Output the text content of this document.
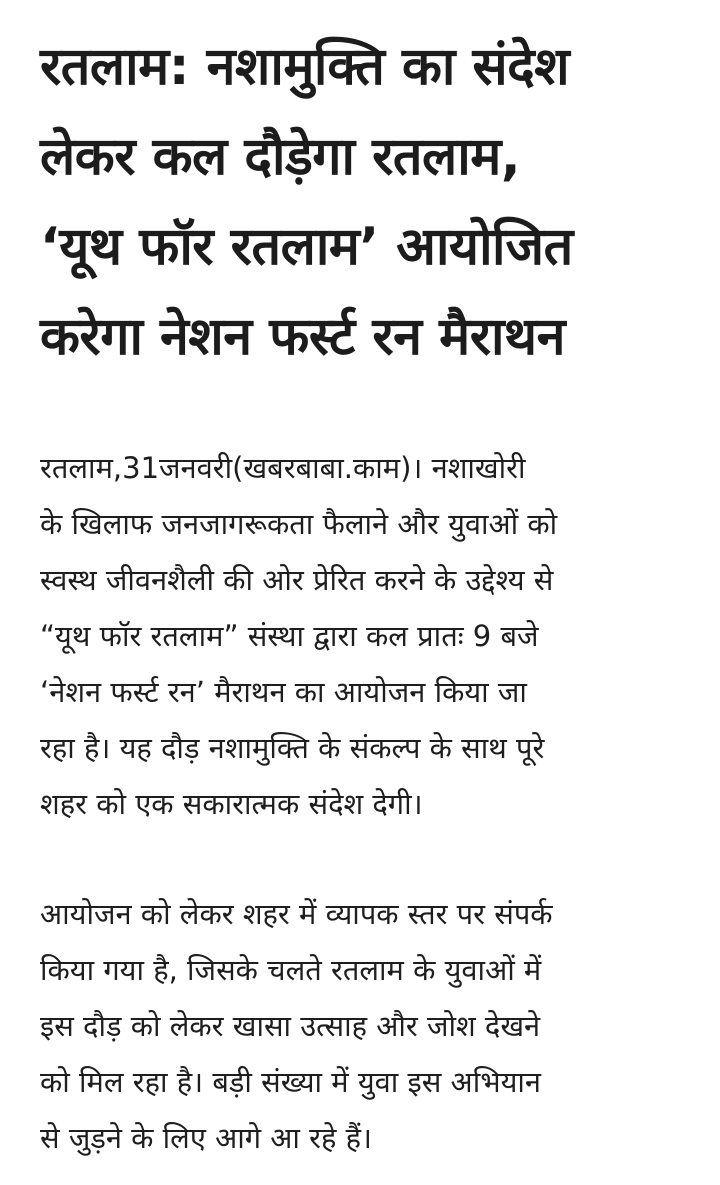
रतलाम: नशामुक्ति का संदेश
लेकर कल दौड़ेगा रतलाम,
‘यूथ फॉर रतलाम’ आयोजित
करेगा नेशन फर्स्ट रन मैराथन
रतलाम,31जनवरी(खबरबाबा.काम)। नशाखोरी
के खिलाफ जनजागरूकता फैलाने और युवाओं को
स्वस्थ जीवनशैली की ओर प्रेरित करने के उद्देश्य से
“यूथ फॉर रतलाम” संस्था द्वारा कल प्रातः 9 बजे
‘नेशन फर्स्ट रन’ मैराथन का आयोजन किया जा
रहा है। यह दौड़ नशामुक्ति के संकल्प के साथ पूरे
शहर को एक सकारात्मक संदेश देगी।
आयोजन को लेकर शहर में व्यापक स्तर पर संपर्क
किया गया है, जिसके चलते रतलाम के युवाओं में
इस दौड़ को लेकर खासा उत्साह और जोश देखने
को मिल रहा है। बड़ी संख्या में युवा इस अभियान
से जुड़ने के लिए आगे आ रहे हैं।
